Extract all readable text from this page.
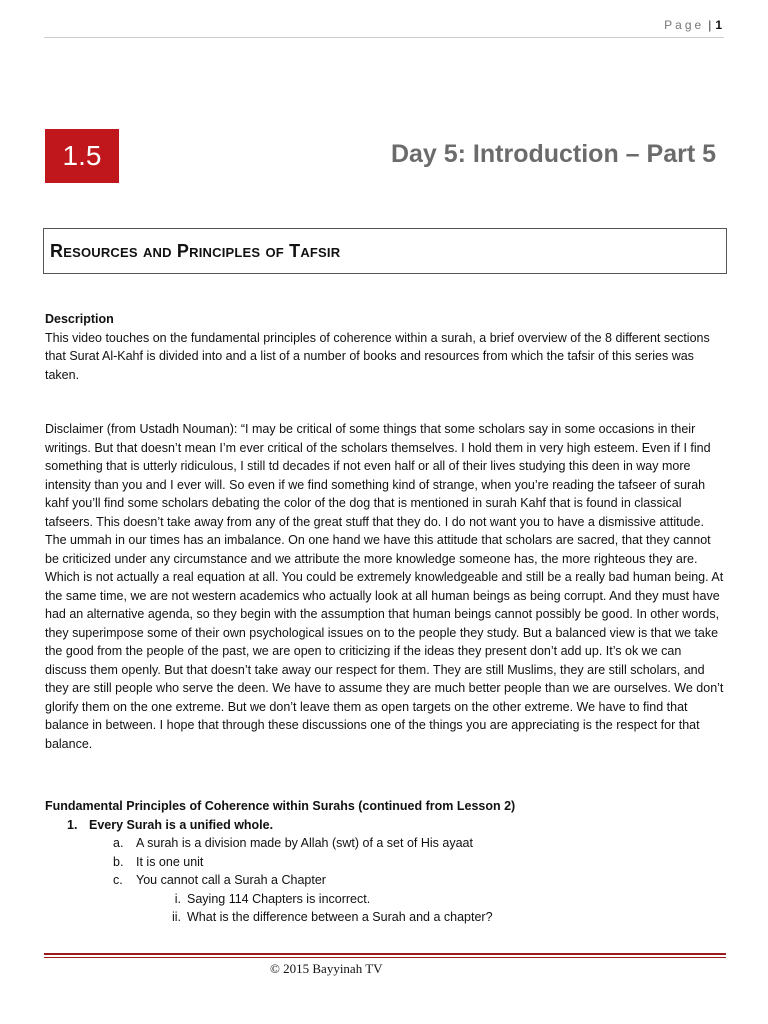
Page | 1
1.5	Day 5: Introduction – Part 5
Resources and Principles of Tafsir
Description

This video touches on the fundamental principles of coherence within a surah, a brief overview of the 8 different sections that Surat Al-Kahf is divided into and a list of a number of books and resources from which the tafsir of this series was taken.

Disclaimer (from Ustadh Nouman): “I may be critical of some things that some scholars say in some occasions in their writings. But that doesn’t mean I’m ever critical of the scholars themselves. I hold them in very high esteem. Even if I find something that is utterly ridiculous, I still td decades if not even half or all of their lives studying this deen in way more intensity than you and I ever will. So even if we find something kind of strange, when you’re reading the tafseer of surah kahf you’ll find some scholars debating the color of the dog that is mentioned in surah Kahf that is found in classical tafseers. This doesn’t take away from any of the great stuff that they do. I do not want you to have a dismissive attitude. The ummah in our times has an imbalance. On one hand we have this attitude that scholars are sacred, that they cannot be criticized under any circumstance and we attribute the more knowledge someone has, the more righteous they are. Which is not actually a real equation at all. You could be extremely knowledgeable and still be a really bad human being. At the same time, we are not western academics who actually look at all human beings as being corrupt. And they must have had an alternative agenda, so they begin with the assumption that human beings cannot possibly be good. In other words, they superimpose some of their own psychological issues on to the people they study. But a balanced view is that we take the good from the people of the past, we are open to criticizing if the ideas they present don’t add up. It’s ok we can discuss them openly. But that doesn’t take away our respect for them. They are still Muslims, they are still scholars, and they are still people who serve the deen. We have to assume they are much better people than we are ourselves. We don’t glorify them on the one extreme. But we don’t leave them as open targets on the other extreme. We have to find that balance in between. I hope that through these discussions one of the things you are appreciating is the respect for that balance.

Fundamental Principles of Coherence within Surahs (continued from Lesson 2)

1. Every Surah is a unified whole.
a.	A surah is a division made by Allah (swt) of a set of His ayaat
b.	It is one unit
c.	You cannot call a Surah a Chapter
i. Saying 114 Chapters is incorrect.
ii. What is the difference between a Surah and a chapter?
© 2015 Bayyinah TV
